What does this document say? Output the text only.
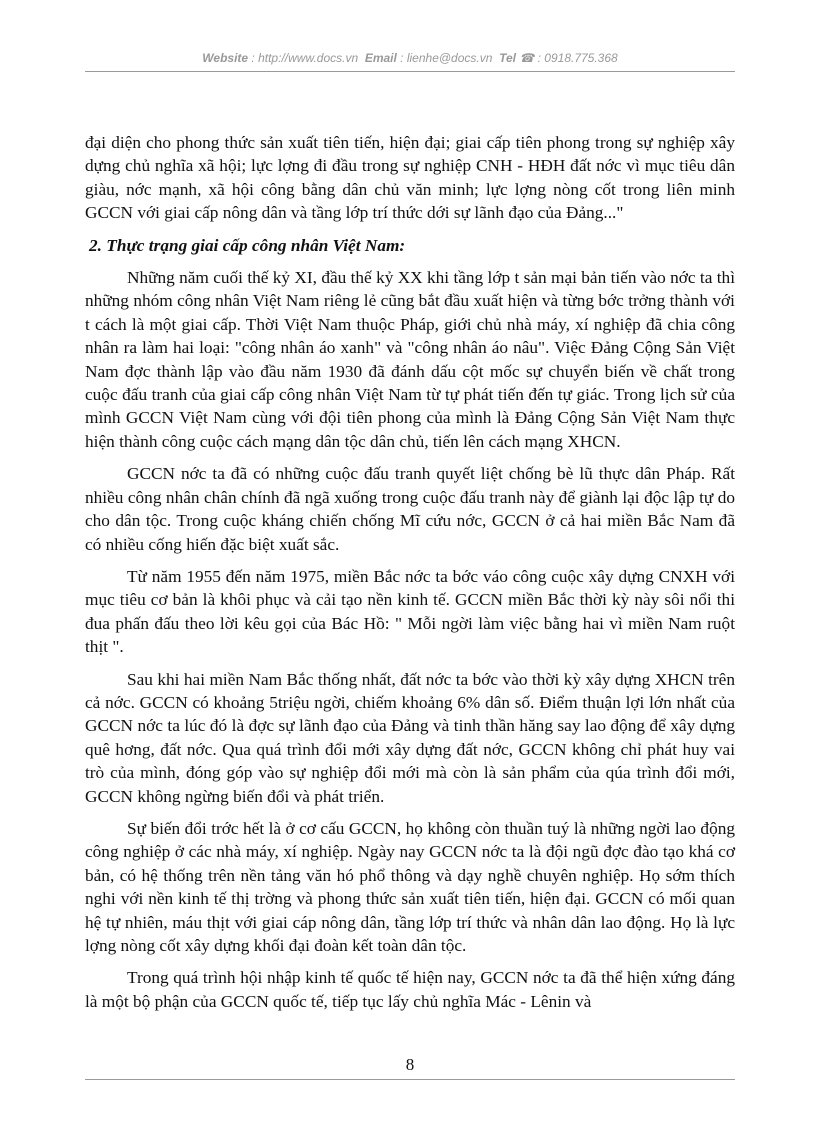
Website : http://www.docs.vn Email : lienhe@docs.vn Tel ☎ : 0918.775.368

đại diện cho phong thức sản xuất tiên tiến, hiện đại; giai cấp tiên phong trong sự nghiệp xây dựng chủ nghĩa xã hội; lực lợng đi đầu trong sự nghiệp CNH - HĐH đất nớc vì mục tiêu dân giàu, nớc mạnh, xã hội công bằng dân chủ văn minh; lực lợng nòng cốt trong liên minh GCCN với giai cấp nông dân và tầng lớp trí thức dới sự lãnh đạo của Đảng..."

2. Thực trạng giai cấp công nhân Việt Nam:

Những năm cuối thế kỷ XI, đầu thế kỷ XX khi tầng lớp t sản mại bản tiến vào nớc ta thì những nhóm công nhân Việt Nam riêng lẻ cũng bắt đầu xuất hiện và từng bớc trởng thành với t cách là một giai cấp. Thời Việt Nam thuộc Pháp, giới chủ nhà máy, xí nghiệp đã chia công nhân ra làm hai loại: "công nhân áo xanh" và "công nhân áo nâu". Việc Đảng Cộng Sản Việt Nam đợc thành lập vào đầu năm 1930 đã đánh dấu cột mốc sự chuyển biến về chất trong cuộc đấu tranh của giai cấp công nhân Việt Nam từ tự phát tiến đến tự giác. Trong lịch sử của mình GCCN Việt Nam cùng với đội tiên phong của mình là Đảng Cộng Sản Việt Nam thực hiện thành công cuộc cách mạng dân tộc dân chủ, tiến lên cách mạng XHCN.

GCCN nớc ta đã có những cuộc đấu tranh quyết liệt chống bè lũ thực dân Pháp. Rất nhiều công nhân chân chính đã ngã xuống trong cuộc đấu tranh này để giành lại độc lập tự do cho dân tộc. Trong cuộc kháng chiến chống Mĩ cứu nớc, GCCN ở cả hai miền Bắc Nam đã có nhiều cống hiến đặc biệt xuất sắc.

Từ năm 1955 đến năm 1975, miền Bắc nớc ta bớc váo công cuộc xây dựng CNXH với mục tiêu cơ bản là khôi phục và cải tạo nền kinh tế. GCCN miền Bắc thời kỳ này sôi nổi thi đua phấn đấu theo lời kêu gọi của Bác Hồ: " Mỗi ngời làm việc bằng hai vì miền Nam ruột thịt ".

Sau khi hai miền Nam Bắc thống nhất, đất nớc ta bớc vào thời kỳ xây dựng XHCN trên cả nớc. GCCN có khoảng 5triệu ngời, chiếm khoảng 6% dân số. Điểm thuận lợi lớn nhất của GCCN nớc ta lúc đó là đợc sự lãnh đạo của Đảng và tinh thần hăng say lao động để xây dựng quê hơng, đất nớc. Qua quá trình đổi mới xây dựng đất nớc, GCCN không chỉ phát huy vai trò của mình, đóng góp vào sự nghiệp đổi mới mà còn là sản phẩm của qúa trình đổi mới, GCCN không ngừng biến đổi và phát triển.

Sự biến đổi trớc hết là ở cơ cấu GCCN, họ không còn thuần tuý là những ngời lao động công nghiệp ở các nhà máy, xí nghiệp. Ngày nay GCCN nớc ta là đội ngũ đợc đào tạo khá cơ bản, có hệ thống trên nền tảng văn hó phổ thông và dạy nghề chuyên nghiệp. Họ sớm thích nghi với nền kinh tế thị trờng và phong thức sản xuất tiên tiến, hiện đại. GCCN có mối quan hệ tự nhiên, máu thịt với giai cáp nông dân, tầng lớp trí thức và nhân dân lao động. Họ là lực lợng nòng cốt xây dựng khối đại đoàn kết toàn dân tộc.

Trong quá trình hội nhập kinh tế quốc tế hiện nay, GCCN nớc ta đã thể hiện xứng đáng là một bộ phận của GCCN quốc tế, tiếp tục lấy chủ nghĩa Mác - Lênin và

8
